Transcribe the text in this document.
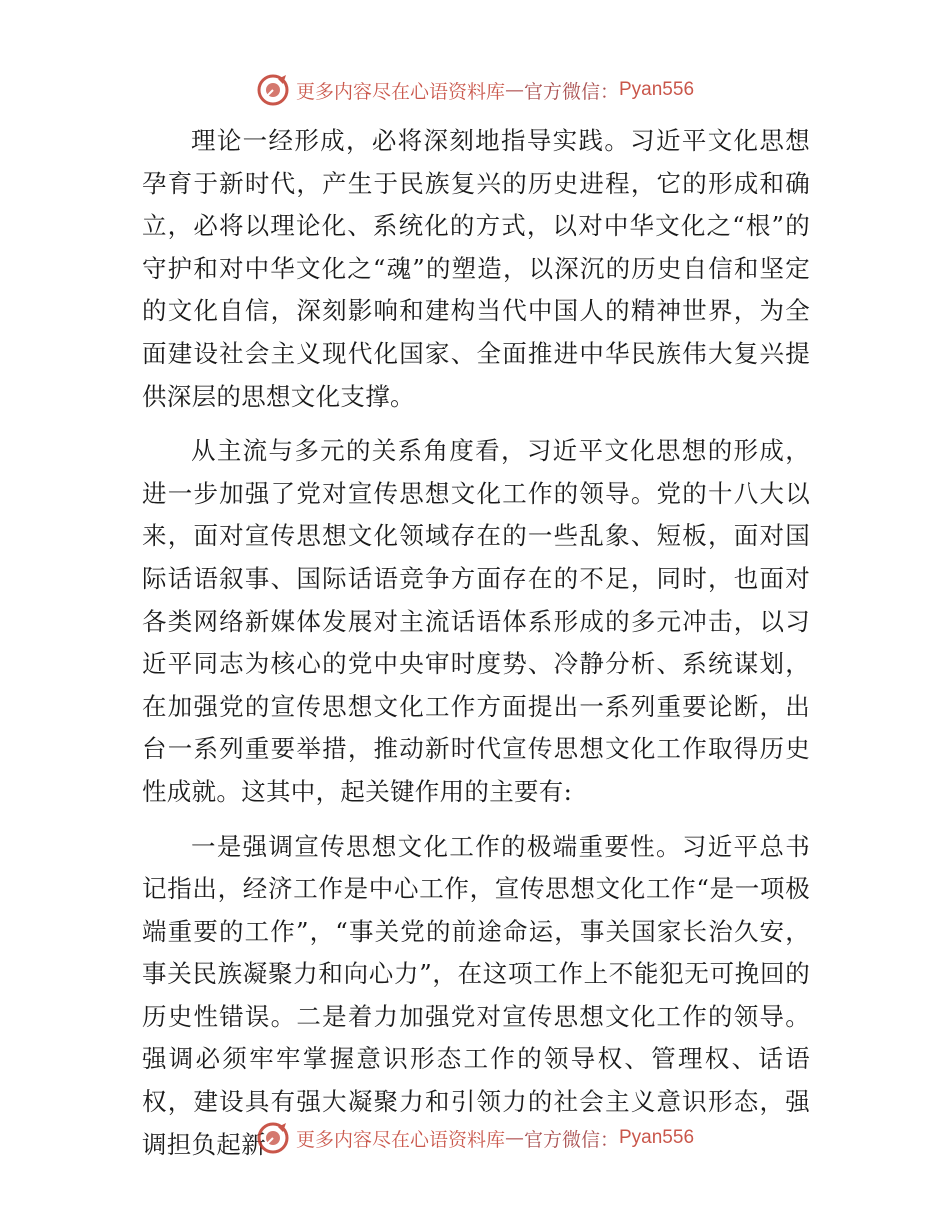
更多内容尽在心语资料库 — 官方微信： Pyan556

理论一经形成，必将深刻地指导实践。习近平文化思想孕育于新时代，产生于民族复兴的历史进程，它的形成和确立，必将以理论化、系统化的方式，以对中华文化之“根”的守护和对中华文化之“魂”的塑造，以深沉的历史自信和坚定的文化自信，深刻影响和建构当代中国人的精神世界，为全面建设社会主义现代化国家、全面推进中华民族伟大复兴提供深层的思想文化支撑。

从主流与多元的关系角度看，习近平文化思想的形成，进一步加强了党对宣传思想文化工作的领导。党的十八大以来，面对宣传思想文化领域存在的一些乱象、短板，面对国际话语叙事、国际话语竞争方面存在的不足，同时，也面对各类网络新媒体发展对主流话语体系形成的多元冲击，以习近平同志为核心的党中央审时度势、冷静分析、系统谋划，在加强党的宣传思想文化工作方面提出一系列重要论断，出台一系列重要举措，推动新时代宣传思想文化工作取得历史性成就。这其中，起关键作用的主要有:

一是强调宣传思想文化工作的极端重要性。习近平总书记指出，经济工作是中心工作，宣传思想文化工作“是一项极端重要的工作”，“事关党的前途命运，事关国家长治久安，事关民族凝聚力和向心力”，在这项工作上不能犯无可挽回的历史性错误。二是着力加强党对宣传思想文化工作的领导。强调必须牢牢掌握意识形态工作的领导权、管理权、话语权，建设具有强大凝聚力和引领力的社会主义意识形态，强调担负起新	更多内容尽在心语资料库 — 官方微信： Pyan556
